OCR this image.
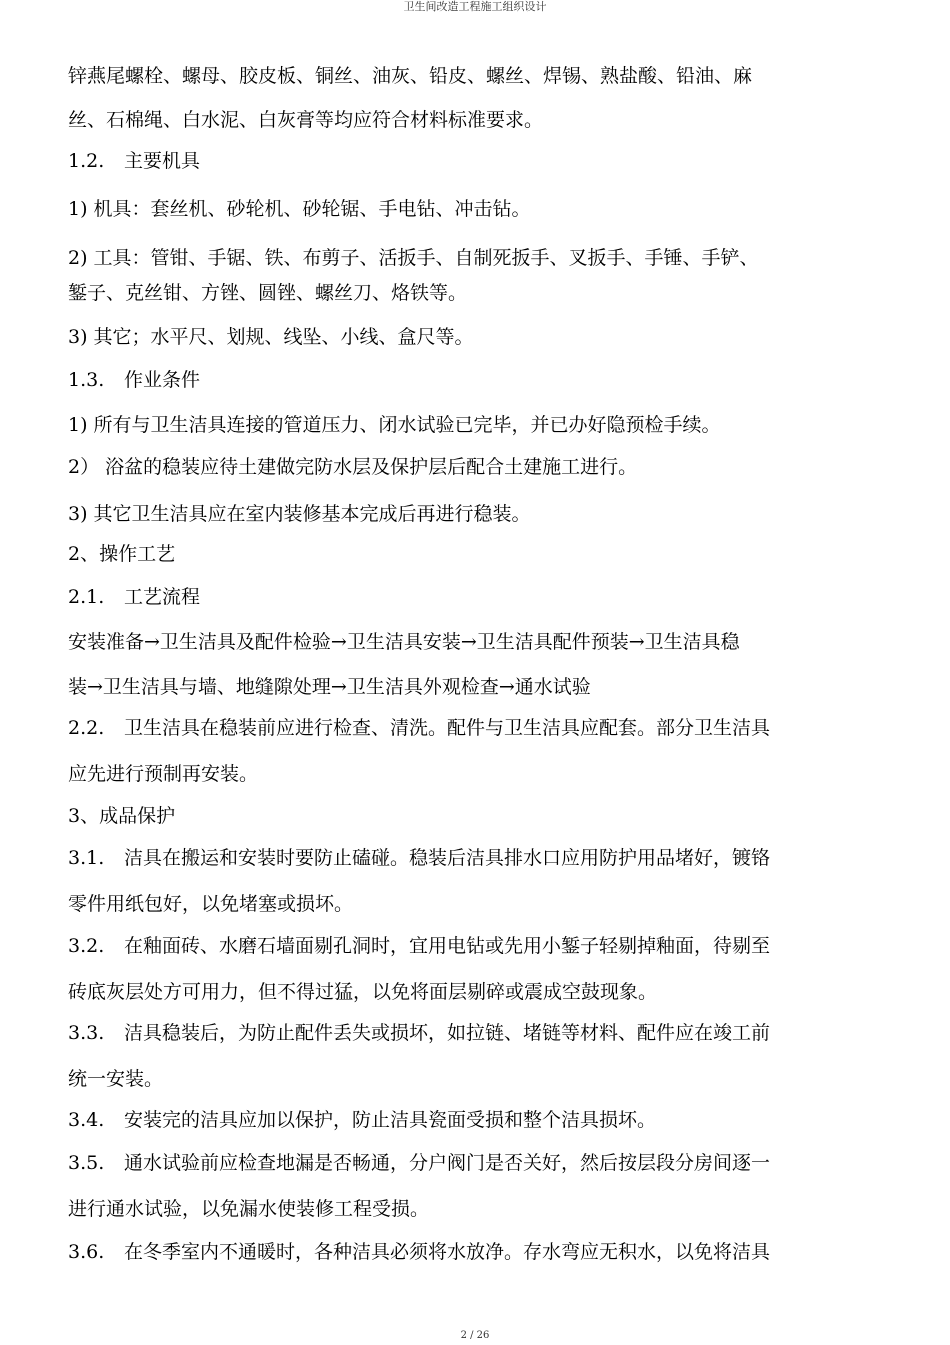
卫生间改造工程施工组织设计
锌燕尾螺栓、螺母、胶皮板、铜丝、油灰、铅皮、螺丝、焊锡、熟盐酸、铅油、麻
丝、石棉绳、白水泥、白灰膏等均应符合材料标准要求。
1.2. 主要机具
1) 机具：套丝机、砂轮机、砂轮锯、手电钻、冲击钻。
2) 工具：管钳、手锯、铁、布剪子、活扳手、自制死扳手、叉扳手、手锤、手铲、
錾子、克丝钳、方锉、圆锉、螺丝刀、烙铁等。
3) 其它；水平尺、划规、线坠、小线、盒尺等。
1.3. 作业条件
1) 所有与卫生洁具连接的管道压力、闭水试验已完毕，并已办好隐预检手续。
2） 浴盆的稳装应待土建做完防水层及保护层后配合土建施工进行。
3) 其它卫生洁具应在室内装修基本完成后再进行稳装。
2、操作工艺
2.1. 工艺流程
安装准备→卫生洁具及配件检验→卫生洁具安装→卫生洁具配件预装→卫生洁具稳
装→卫生洁具与墙、地缝隙处理→卫生洁具外观检查→通水试验
2.2. 卫生洁具在稳装前应进行检查、清洗。配件与卫生洁具应配套。部分卫生洁具
应先进行预制再安装。
3、成品保护
3.1. 洁具在搬运和安装时要防止磕碰。稳装后洁具排水口应用防护用品堵好，镀铬
零件用纸包好，以免堵塞或损坏。
3.2. 在釉面砖、水磨石墙面剔孔洞时，宜用电钻或先用小錾子轻剔掉釉面，待剔至
砖底灰层处方可用力，但不得过猛，以免将面层剔碎或震成空鼓现象。
3.3. 洁具稳装后，为防止配件丢失或损坏，如拉链、堵链等材料、配件应在竣工前
统一安装。
3.4. 安装完的洁具应加以保护，防止洁具瓷面受损和整个洁具损坏。
3.5. 通水试验前应检查地漏是否畅通，分户阀门是否关好，然后按层段分房间逐一
进行通水试验，以免漏水使装修工程受损。
3.6. 在冬季室内不通暖时，各种洁具必须将水放净。存水弯应无积水，以免将洁具
2 / 26
